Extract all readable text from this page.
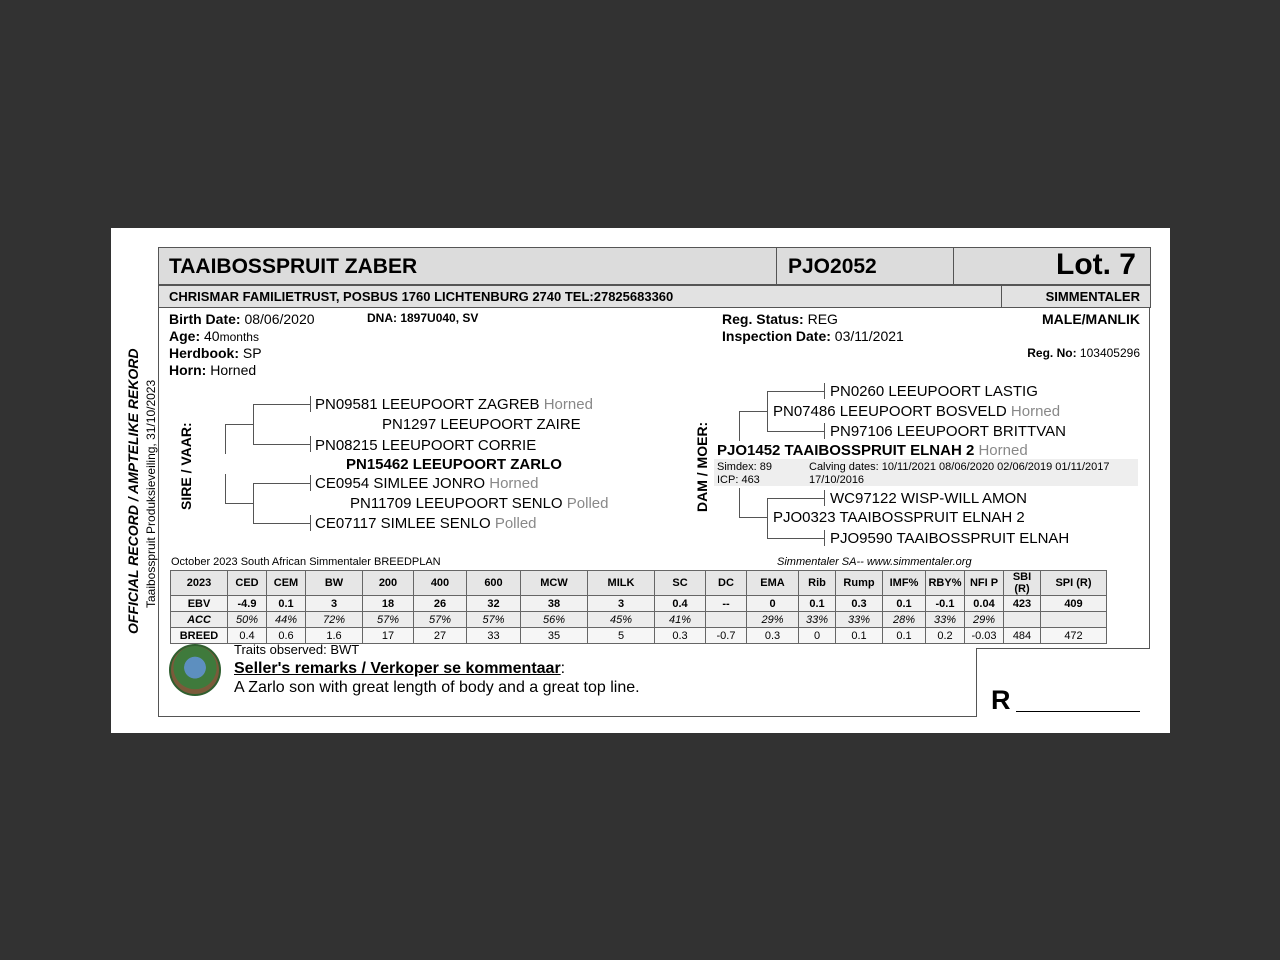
OFFICIAL RECORD / AMPTELIKE REKORD Taaibosspruit Produksieveiling, 31/10/2023
TAAIBOSSPRUIT ZABER	PJO2052	Lot. 7
CHRISMAR FAMILIETRUST, POSBUS 1760 LICHTENBURG 2740 TEL:27825683360	SIMMENTALER
Birth Date: 08/06/2020	DNA: 1897U040, SV
Age: 40months
Herdbook: SP
Horn: Horned
Reg. Status: REG
Inspection Date: 03/11/2021
MALE/MANLIK
Reg. No: 103405296
SIRE / VAAR:
PN09581 LEEUPOORT ZAGREB Horned
PN1297 LEEUPOORT ZAIRE
PN08215 LEEUPOORT CORRIE
PN15462 LEEUPOORT ZARLO
CE0954 SIMLEE JONRO Horned
PN11709 LEEUPOORT SENLO Polled
CE07117 SIMLEE SENLO Polled
DAM / MOER:
PN0260 LEEUPOORT LASTIG
PN07486 LEEUPOORT BOSVELD Horned
PN97106 LEEUPOORT BRITTVAN
PJO1452 TAAIBOSSPRUIT ELNAH 2 Horned
Simdex: 89
ICP: 463
Calving dates: 10/11/2021 08/06/2020 02/06/2019 01/11/2017
17/10/2016
WC97122 WISP-WILL AMON
PJO0323 TAAIBOSSPRUIT ELNAH 2
PJO9590 TAAIBOSSPRUIT ELNAH
October 2023 South African Simmentaler BREEDPLAN	Simmentaler SA-- www.simmentaler.org
2023	CED	CEM	BW	200	400	600	MCW	MILK	SC	DC	EMA	Rib	Rump	IMF%	RBY%	NFI P	SBI (R)	SPI (R)
EBV	-4.9	0.1	3	18	26	32	38	3	0.4	--	0	0.1	0.3	0.1	-0.1	0.04	423	409
ACC	50%	44%	72%	57%	57%	57%	56%	45%	41%		29%	33%	33%	28%	33%	29%		
BREED	0.4	0.6	1.6	17	27	33	35	5	0.3	-0.7	0.3	0	0.1	0.1	0.2	-0.03	484	472
Traits observed: BWT
Seller's remarks / Verkoper se kommentaar:
A Zarlo son with great length of body and a great top line.	R
